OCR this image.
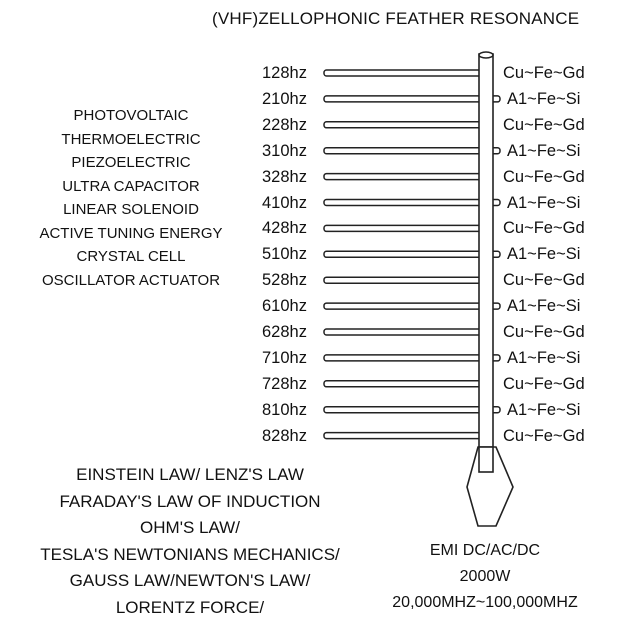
(VHF)ZELLOPHONIC FEATHER RESONANCE
PHOTOVOLTAIC
THERMOELECTRIC
PIEZOELECTRIC
ULTRA CAPACITOR
LINEAR SOLENOID
ACTIVE TUNING ENERGY
CRYSTAL CELL
OSCILLATOR ACTUATOR
128hz	Cu~Fe~Gd
210hz	A1~Fe~Si
228hz	Cu~Fe~Gd
310hz	A1~Fe~Si
328hz	Cu~Fe~Gd
410hz	A1~Fe~Si
428hz	Cu~Fe~Gd
510hz	A1~Fe~Si
528hz	Cu~Fe~Gd
610hz	A1~Fe~Si
628hz	Cu~Fe~Gd
710hz	A1~Fe~Si
728hz	Cu~Fe~Gd
810hz	A1~Fe~Si
828hz	Cu~Fe~Gd
EINSTEIN LAW/ LENZ'S LAW
FARADAY'S LAW OF INDUCTION
OHM'S LAW/
TESLA'S NEWTONIANS MECHANICS/
GAUSS LAW/NEWTON'S LAW/
LORENTZ FORCE/
EMI DC/AC/DC
2000W
20,000MHZ~100,000MHZ
